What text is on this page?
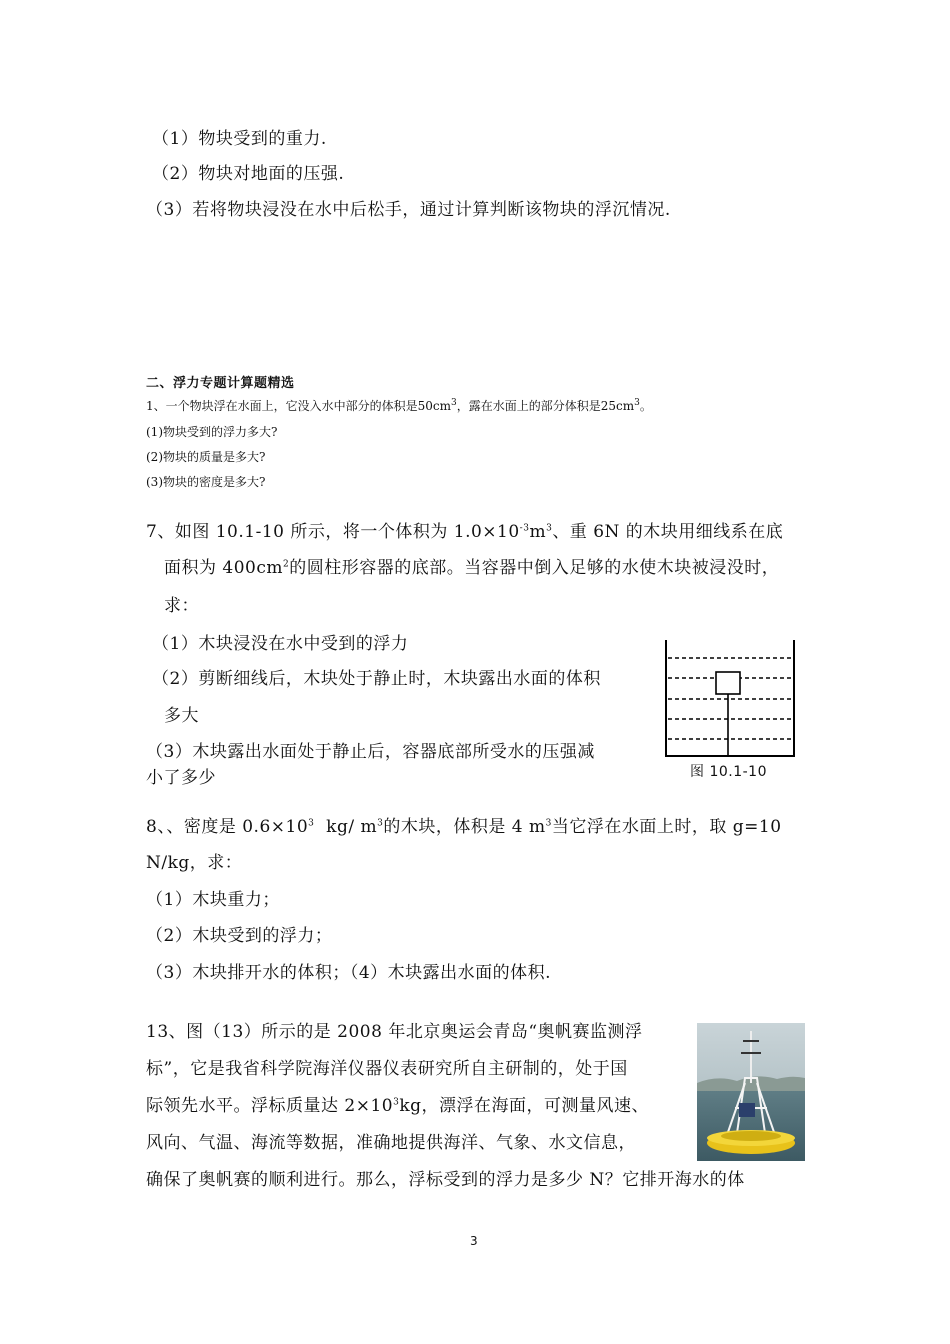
（1）物块受到的重力.
（2）物块对地面的压强.
（3）若将物块浸没在水中后松手，通过计算判断该物块的浮沉情况.
二、浮力专题计算题精选
1、一个物块浮在水面上，它没入水中部分的体积是$50cm^3$，露在水面上的部分体积是$25cm^3$。
(1)物块受到的浮力多大?
(2)物块的质量是多大?
(3)物块的密度是多大?
7、如图 10.1-10 所示，将一个体积为 $1.0\times 10^{-3}m^3$、重 6N 的木块用细线系在底
面积为 $400cm^2$的圆柱形容器的底部。当容器中倒入足够的水使木块被浸没时，
求：
（1）木块浸没在水中受到的浮力
（2）剪断细线后，木块处于静止时，木块露出水面的体积
多大
（3）木块露出水面处于静止后，容器底部所受水的压强减
小了多少	图 10.1-10
8、、密度是 $0.6\times 10^3$  kg/ $m^3$的木块，体积是 4 $m^3$当它浮在水面上时，取 g=10
N/kg，求：
（1）木块重力；
（2）木块受到的浮力；
（3）木块排开水的体积；（4）木块露出水面的体积.
13、图（13）所示的是 2008 年北京奥运会青岛“奥帆赛监测浮
标”，它是我省科学院海洋仪器仪表研究所自主研制的，处于国
际领先水平。浮标质量达 $2\times 10^3kg$，漂浮在海面，可测量风速、
风向、气温、海流等数据，准确地提供海洋、气象、水文信息，
确保了奥帆赛的顺利进行。那么，浮标受到的浮力是多少 N？它排开海水的体
3
